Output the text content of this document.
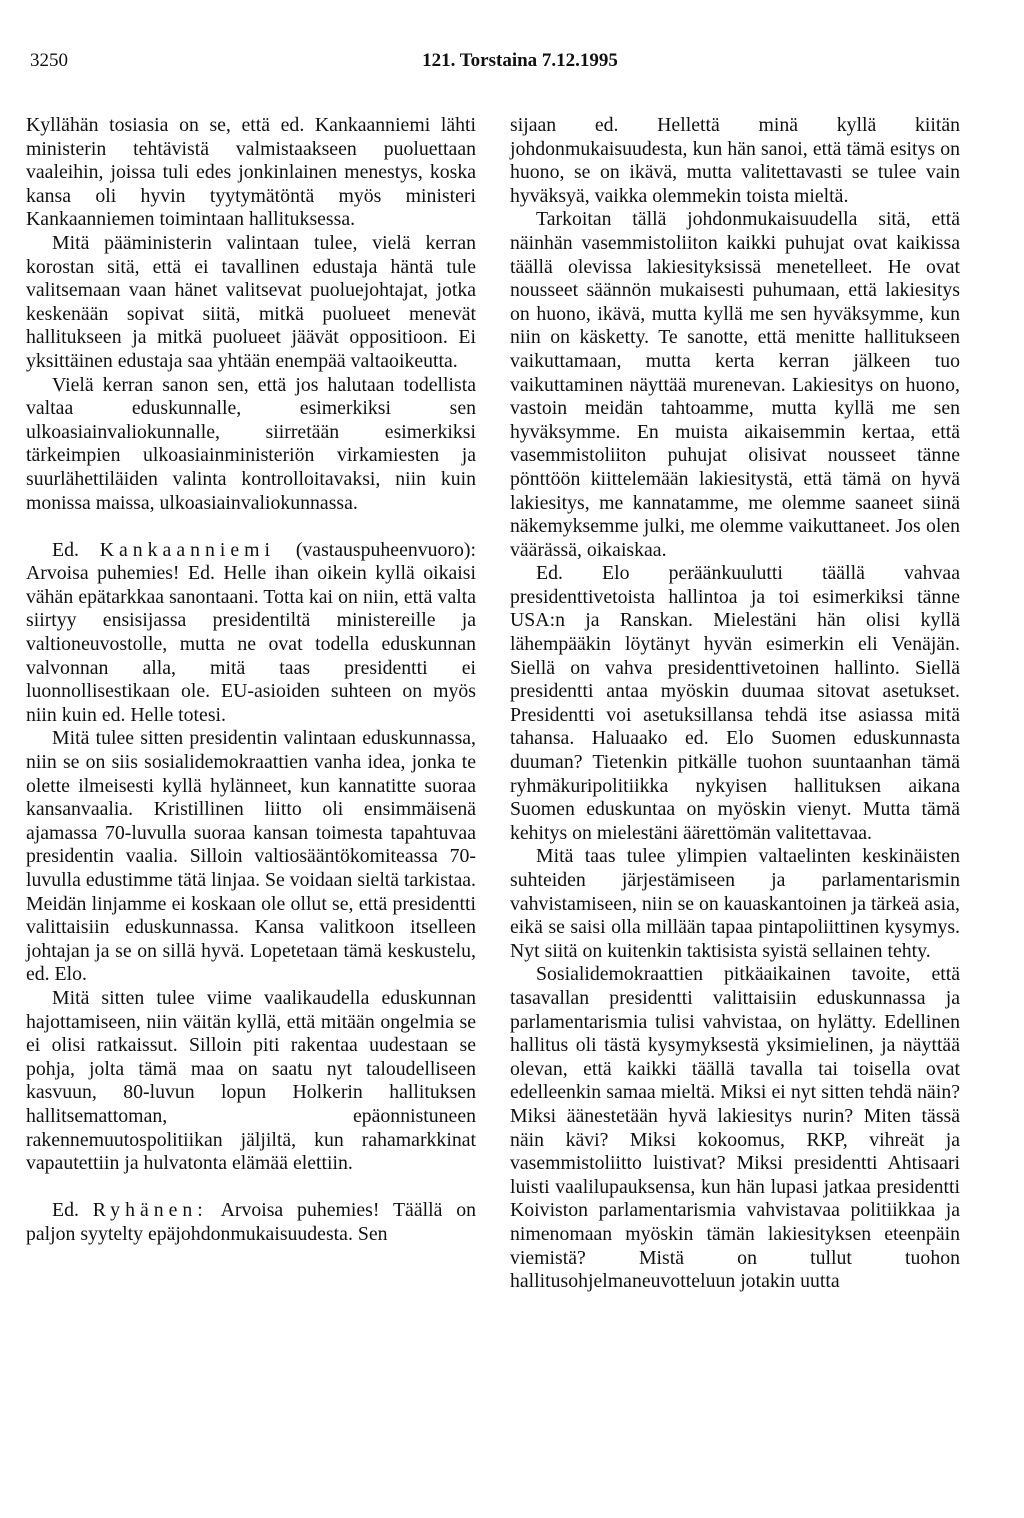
3250	121. Torstaina 7.12.1995

Kyllähän tosiasia on se, että ed. Kankaanniemi lähti ministerin tehtävistä valmistaakseen puoluettaan vaaleihin, joissa tuli edes jonkinlainen menestys, koska kansa oli hyvin tyytymätöntä myös ministeri Kankaanniemen toimintaan hallituksessa.

Mitä pääministerin valintaan tulee, vielä kerran korostan sitä, että ei tavallinen edustaja häntä tule valitsemaan vaan hänet valitsevat puoluejohtajat, jotka keskenään sopivat siitä, mitkä puolueet menevät hallitukseen ja mitkä puolueet jäävät oppositioon. Ei yksittäinen edustaja saa yhtään enempää valtaoikeutta.

Vielä kerran sanon sen, että jos halutaan todellista valtaa eduskunnalle, esimerkiksi sen ulkoasiainvaliokunnalle, siirretään esimerkiksi tärkeimpien ulkoasiainministeriön virkamiesten ja suurlähettiläiden valinta kontrolloitavaksi, niin kuin monissa maissa, ulkoasiainvaliokunnassa.

Ed. Kankaanniemi (vastauspuheenvuoro): Arvoisa puhemies! Ed. Helle ihan oikein kyllä oikaisi vähän epätarkkaa sanontaani. Totta kai on niin, että valta siirtyy ensisijassa presidentiltä ministereille ja valtioneuvostolle, mutta ne ovat todella eduskunnan valvonnan alla, mitä taas presidentti ei luonnollisestikaan ole. EU-asioiden suhteen on myös niin kuin ed. Helle totesi.

Mitä tulee sitten presidentin valintaan eduskunnassa, niin se on siis sosialidemokraattien vanha idea, jonka te olette ilmeisesti kyllä hylänneet, kun kannatitte suoraa kansanvaalia. Kristillinen liitto oli ensimmäisenä ajamassa 70-luvulla suoraa kansan toimesta tapahtuvaa presidentin vaalia. Silloin valtiosääntökomiteassa 70-luvulla edustimme tätä linjaa. Se voidaan sieltä tarkistaa. Meidän linjamme ei koskaan ole ollut se, että presidentti valittaisiin eduskunnassa. Kansa valitkoon itselleen johtajan ja se on sillä hyvä. Lopetetaan tämä keskustelu, ed. Elo.

Mitä sitten tulee viime vaalikaudella eduskunnan hajottamiseen, niin väitän kyllä, että mitään ongelmia se ei olisi ratkaissut. Silloin piti rakentaa uudestaan se pohja, jolta tämä maa on saatu nyt taloudelliseen kasvuun, 80-luvun lopun Holkerin hallituksen hallitsemattoman, epäonnistuneen rakennemuutospolitiikan jäljiltä, kun rahamarkkinat vapautettiin ja hulvatonta elämää elettiin.

Ed. Ryhänen: Arvoisa puhemies! Täällä on paljon syytelty epäjohdonmukaisuudesta. Sen

sijaan ed. Hellettä minä kyllä kiitän johdonmukaisuudesta, kun hän sanoi, että tämä esitys on huono, se on ikävä, mutta valitettavasti se tulee vain hyväksyä, vaikka olemmekin toista mieltä.

Tarkoitan tällä johdonmukaisuudella sitä, että näinhän vasemmistoliiton kaikki puhujat ovat kaikissa täällä olevissa lakiesityksissä menetelleet. He ovat nousseet säännön mukaisesti puhumaan, että lakiesitys on huono, ikävä, mutta kyllä me sen hyväksymme, kun niin on käsketty. Te sanotte, että menitte hallitukseen vaikuttamaan, mutta kerta kerran jälkeen tuo vaikuttaminen näyttää murenevan. Lakiesitys on huono, vastoin meidän tahtoamme, mutta kyllä me sen hyväksymme. En muista aikaisemmin kertaa, että vasemmistoliiton puhujat olisivat nousseet tänne pönttöön kiittelemään lakiesitystä, että tämä on hyvä lakiesitys, me kannatamme, me olemme saaneet siinä näkemyksemme julki, me olemme vaikuttaneet. Jos olen väärässä, oikaiskaa.

Ed. Elo peräänkuulutti täällä vahvaa presidenttivetoista hallintoa ja toi esimerkiksi tänne USA:n ja Ranskan. Mielestäni hän olisi kyllä lähempääkin löytänyt hyvän esimerkin eli Venäjän. Siellä on vahva presidenttivetoinen hallinto. Siellä presidentti antaa myöskin duumaa sitovat asetukset. Presidentti voi asetuksillansa tehdä itse asiassa mitä tahansa. Haluaako ed. Elo Suomen eduskunnasta duuman? Tietenkin pitkälle tuohon suuntaanhan tämä ryhmäkuripolitiikka nykyisen hallituksen aikana Suomen eduskuntaa on myöskin vienyt. Mutta tämä kehitys on mielestäni äärettömän valitettavaa.

Mitä taas tulee ylimpien valtaelinten keskinäisten suhteiden järjestämiseen ja parlamentarismin vahvistamiseen, niin se on kauaskantoinen ja tärkeä asia, eikä se saisi olla millään tapaa pintapoliittinen kysymys. Nyt siitä on kuitenkin taktisista syistä sellainen tehty.

Sosialidemokraattien pitkäaikainen tavoite, että tasavallan presidentti valittaisiin eduskunnassa ja parlamentarismia tulisi vahvistaa, on hylätty. Edellinen hallitus oli tästä kysymyksestä yksimielinen, ja näyttää olevan, että kaikki täällä tavalla tai toisella ovat edelleenkin samaa mieltä. Miksi ei nyt sitten tehdä näin? Miksi äänestetään hyvä lakiesitys nurin? Miten tässä näin kävi? Miksi kokoomus, RKP, vihreät ja vasemmistoliitto luistivat? Miksi presidentti Ahtisaari luisti vaalilupauksensa, kun hän lupasi jatkaa presidentti Koiviston parlamentarismia vahvistavaa politiikkaa ja nimenomaan myöskin tämän lakiesityksen eteenpäin viemistä? Mistä on tullut tuohon hallitusohjelmaneuvotteluun jotakin uutta
